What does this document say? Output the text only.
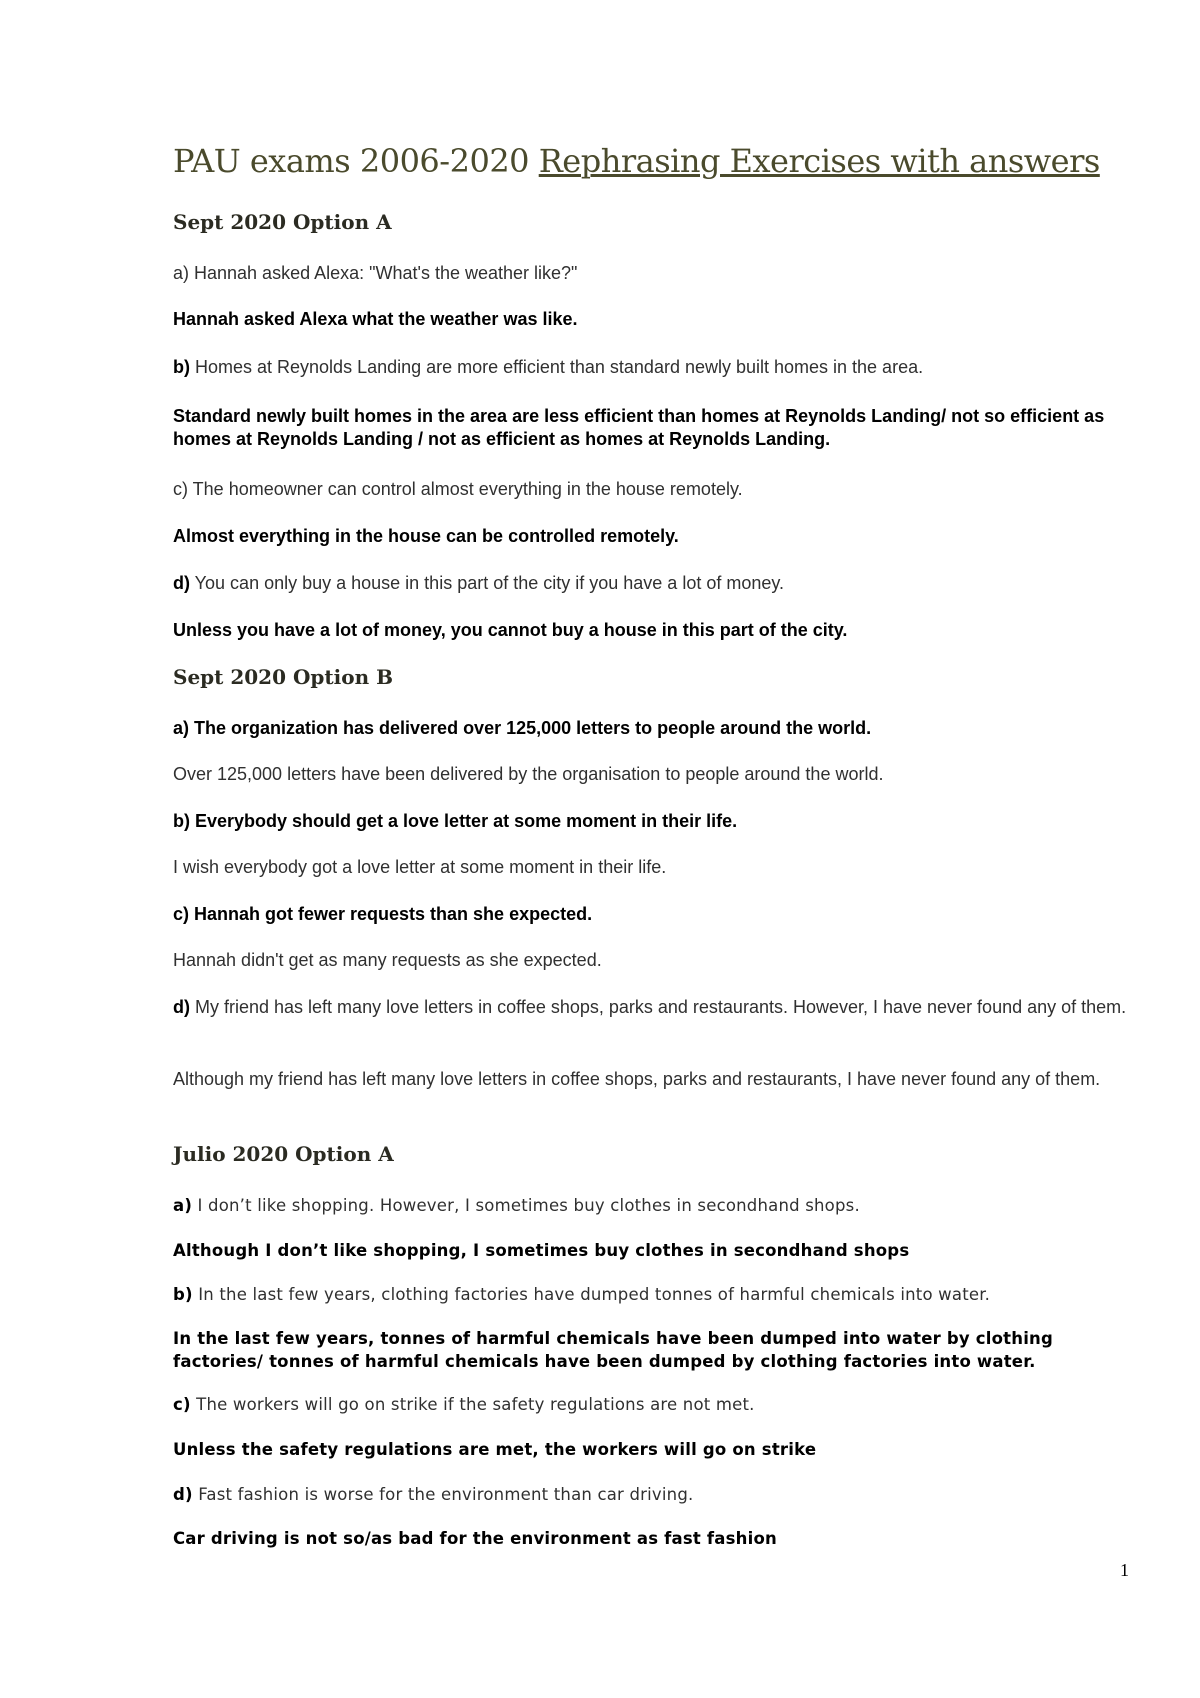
PAU exams 2006-2020 Rephrasing Exercises with answers
Sept 2020 Option A

a) Hannah asked Alexa: "What's the weather like?"

Hannah asked Alexa what the weather was like.

b) Homes at Reynolds Landing are more efficient than standard newly built homes in the area.

Standard newly built homes in the area are less efficient than homes at Reynolds Landing/ not so efficient as homes at Reynolds Landing / not as efficient as homes at Reynolds Landing.

c) The homeowner can control almost everything in the house remotely.

Almost everything in the house can be controlled remotely.

d) You can only buy a house in this part of the city if you have a lot of money.

Unless you have a lot of money, you cannot buy a house in this part of the city.

Sept 2020 Option B

a) The organization has delivered over 125,000 letters to people around the world.

Over 125,000 letters have been delivered by the organisation to people around the world.

b) Everybody should get a love letter at some moment in their life.

I wish everybody got a love letter at some moment in their life.

c) Hannah got fewer requests than she expected.

Hannah didn't get as many requests as she expected.

d) My friend has left many love letters in coffee shops, parks and restaurants. However, I have never found any of them.

Although my friend has left many love letters in coffee shops, parks and restaurants, I have never found any of them.

Julio 2020 Option A

a) I don’t like shopping. However, I sometimes buy clothes in secondhand shops.

Although I don’t like shopping, I sometimes buy clothes in secondhand shops

b) In the last few years, clothing factories have dumped tonnes of harmful chemicals into water.

In the last few years, tonnes of harmful chemicals have been dumped into water by clothing factories/ tonnes of harmful chemicals have been dumped by clothing factories into water.

c) The workers will go on strike if the safety regulations are not met.

Unless the safety regulations are met, the workers will go on strike

d) Fast fashion is worse for the environment than car driving.

Car driving is not so/as bad for the environment as fast fashion

1
